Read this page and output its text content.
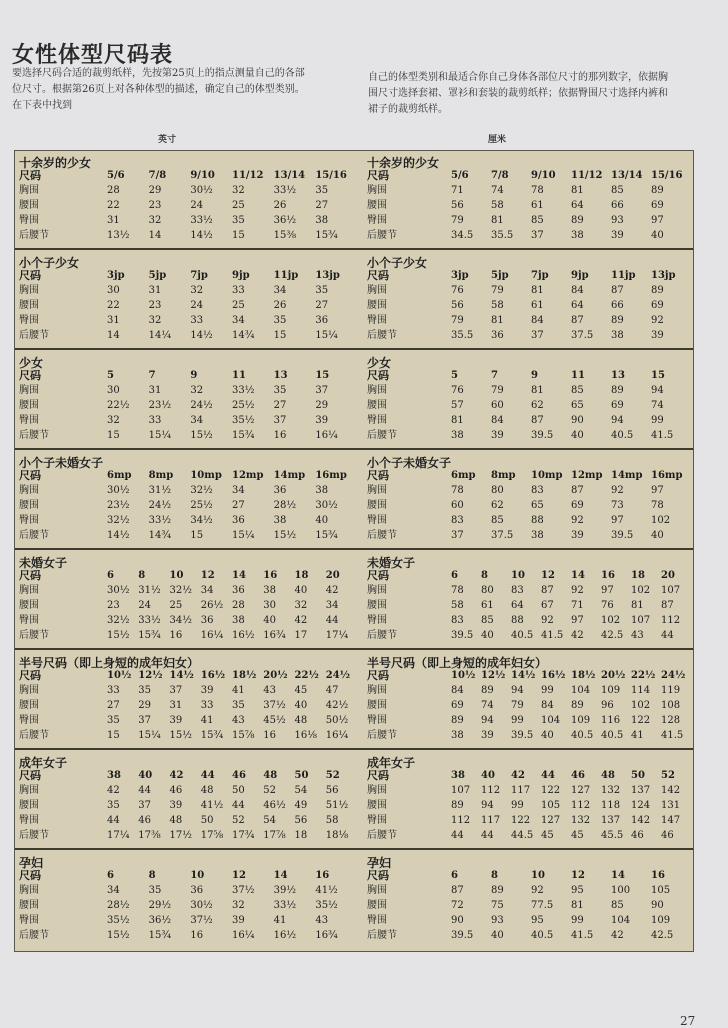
女性体型尺码表
要选择尺码合适的裁剪纸样，先按第25页上的指点测量自己的各部位尺寸。根据第26页上对各种体型的描述，确定自己的体型类别。在下表中找到
自己的体型类别和最适合你自己身体各部位尺寸的那列数字，依据胸围尺寸选择套裙、罩衫和套装的裁剪纸样；依据臀围尺寸选择内裤和裙子的裁剪纸样。
英寸	厘米
十余岁的少女
尺码	5/6 7/8 9/10 11/12 13/14 15/16
胸围	28	29	30½ 32	33½ 35
腰围	22	23	24	25	26	27
臀围	31	32	33½ 35	36½ 38
后腰节	13½ 14	14½ 15	15⅜ 15¾
十余岁的少女
尺码	5/6 7/8 9/10 11/12 13/14 15/16
胸围	71	74	78	81	85	89
腰围	56	58	61	64	66	69
臀围	79	81	85	89	93	97
后腰节	34.5 35.5 37	38	39	40
小个子少女
尺码	3jp 5jp 7jp 9jp 11jp 13jp
胸围	30	31	32	33	34	35
腰围	22	23	24	25	26	27
臀围	31	32	33	34	35	36
后腰节	14	14¼ 14½ 14¾ 15	15¼
小个子少女
尺码	3jp 5jp 7jp 9jp 11jp 13jp
胸围	76	79	81	84	87	89
腰围	56	58	61	64	66	69
臀围	79	81	84	87	89	92
后腰节	35.5 36	37	37.5 38	39
少女
尺码	5	7	9	11	13	15
胸围	30	31	32	33½ 35	37
腰围	22½ 23½ 24½ 25½ 27	29
臀围	32	33	34	35½ 37	39
后腰节	15	15¼ 15½ 15¾ 16	16¼
少女
尺码	5	7	9	11	13	15
胸围	76	79	81	85	89	94
腰围	57	60	62	65	69	74
臀围	81	84	87	90	94	99
后腰节	38	39	39.5 40	40.5 41.5
小个子未婚女子
尺码	6mp 8mp 10mp 12mp 14mp 16mp
胸围	30½ 31½ 32½ 34	36	38
腰围	23½ 24½ 25½ 27	28½ 30½
臀围	32½ 33½ 34½ 36	38	40
后腰节	14½ 14¾ 15	15¼ 15½ 15¾
小个子未婚女子
尺码	6mp 8mp 10mp 12mp 14mp 16mp
胸围	78	80	83	87	92	97
腰围	60	62	65	69	73	78
臀围	83	85	88	92	97	102
后腰节	37	37.5 38	39	39.5 40
未婚女子
尺码	6 8 10 12 14 16 18 20
胸围	30½ 31½ 32½ 34 36 38 40 42
腰围	23 24 25 26½ 28 30 32 34
臀围	32½ 33½ 34½ 36 38 40 42 44
后腰节	15½ 15¾ 16 16¼ 16½ 16¾ 17 17¼
未婚女子
尺码	6 8 10 12 14 16 18 20
胸围	78 80 83 87 92 97 102 107
腰围	58 61 64 67 71 76 81 87
臀围	83 85 88 92 97 102 107 112
后腰节	39.5 40 40.5 41.5 42 42.5 43 44
半号尺码（即上身短的成年妇女）
尺码	10½ 12½ 14½ 16½ 18½ 20½ 22½ 24½
胸围	33 35 37 39 41 43 45 47
腰围	27 29 31 33 35 37½ 40 42½
臀围	35 37 39 41 43 45½ 48 50½
后腰节	15 15¼ 15½ 15¾ 15⅞ 16 16⅛ 16¼
半号尺码（即上身短的成年妇女）
尺码	10½ 12½ 14½ 16½ 18½ 20½ 22½ 24½
胸围	84 89 94 99 104 109 114 119
腰围	69 74 79 84 89 96 102 108
臀围	89 94 99 104 109 116 122 128
后腰节	38 39 39.5 40 40.5 40.5 41 41.5
成年女子
尺码	38 40 42 44 46 48 50 52
胸围	42 44 46 48 50 52 54 56
腰围	35 37 39 41½ 44 46½ 49 51½
臀围	44 46 48 50 52 54 56 58
后腰节	17¼ 17⅜ 17½ 17⅝ 17¾ 17⅞ 18 18⅛
成年女子
尺码	38 40 42 44 46 48 50 52
胸围	107 112 117 122 127 132 137 142
腰围	89 94 99 105 112 118 124 131
臀围	112 117 122 127 132 137 142 147
后腰节	44 44 44.5 45 45 45.5 46 46
孕妇
尺码	6	8	10	12	14	16
胸围	34	35	36	37½ 39½ 41½
腰围	28½ 29½ 30½ 32	33½ 35½
臀围	35½ 36½ 37½ 39	41	43
后腰节	15½ 15¾ 16	16¼ 16½ 16¾
孕妇
尺码	6	8	10	12	14	16
胸围	87	89	92	95	100 105
腰围	72	75	77.5 81	85	90
臀围	90	93	95	99	104 109
后腰节	39.5 40	40.5 41.5 42	42.5
27
